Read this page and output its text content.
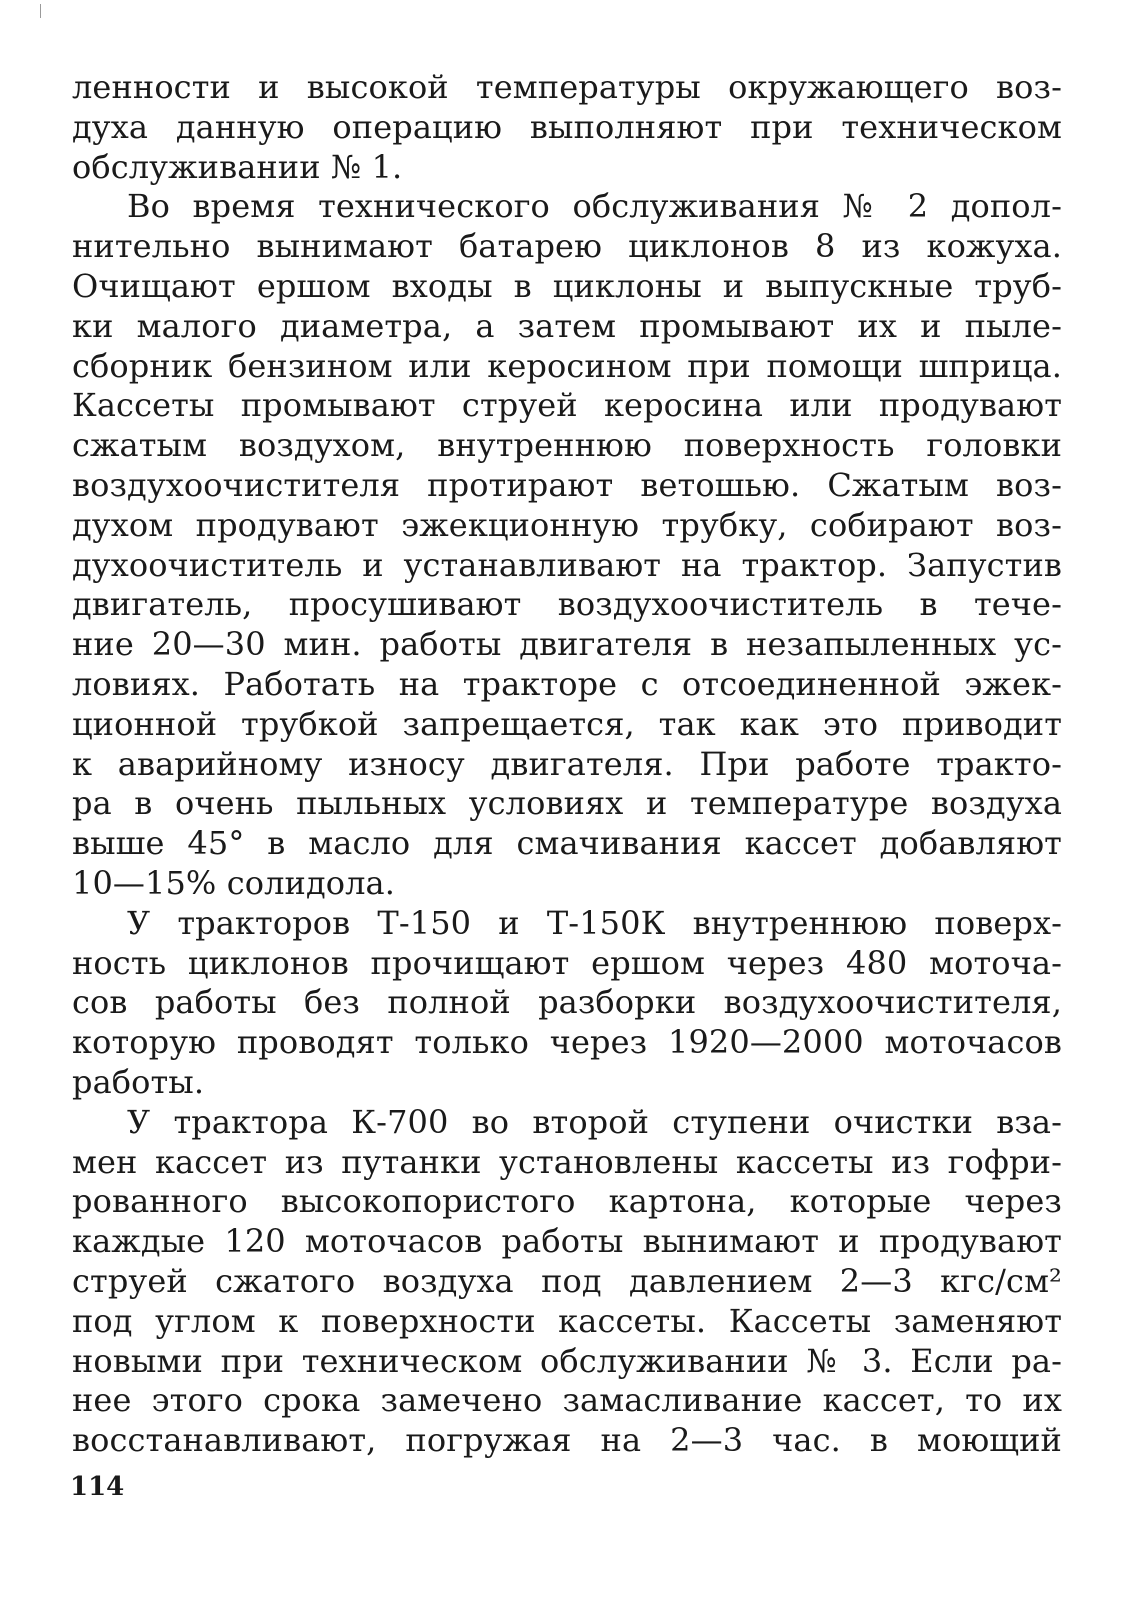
ленности и высокой температуры окружающего воз-
духа данную операцию выполняют при техническом
обслуживании № 1.

Во время технического обслуживания № 2 допол-
нительно вынимают батарею циклонов 8 из кожуха.
Очищают ершом входы в циклоны и выпускные труб-
ки малого диаметра, а затем промывают их и пыле-
сборник бензином или керосином при помощи шприца.
Кассеты промывают струей керосина или продувают
сжатым воздухом, внутреннюю поверхность головки
воздухоочистителя протирают ветошью. Сжатым воз-
духом продувают эжекционную трубку, собирают воз-
духоочиститель и устанавливают на трактор. Запустив
двигатель, просушивают воздухоочиститель в тече-
ние 20—30 мин. работы двигателя в незапыленных ус-
ловиях. Работать на тракторе с отсоединенной эжек-
ционной трубкой запрещается, так как это приводит
к аварийному износу двигателя. При работе тракто-
ра в очень пыльных условиях и температуре воздуха
выше 45° в масло для смачивания кассет добавляют
10—15% солидола.

У тракторов Т-150 и Т-150К внутреннюю поверх-
ность циклонов прочищают ершом через 480 моточа-
сов работы без полной разборки воздухоочистителя,
которую проводят только через 1920—2000 моточасов
работы.

У трактора К-700 во второй ступени очистки вза-
мен кассет из путанки установлены кассеты из гофри-
рованного высокопористого картона, которые через
каждые 120 моточасов работы вынимают и продувают
струей сжатого воздуха под давлением 2—3 кгс/см²
под углом к поверхности кассеты. Кассеты заменяют
новыми при техническом обслуживании № 3. Если ра-
нее этого срока замечено замасливание кассет, то их
восстанавливают, погружая на 2—3 час. в моющий

114
